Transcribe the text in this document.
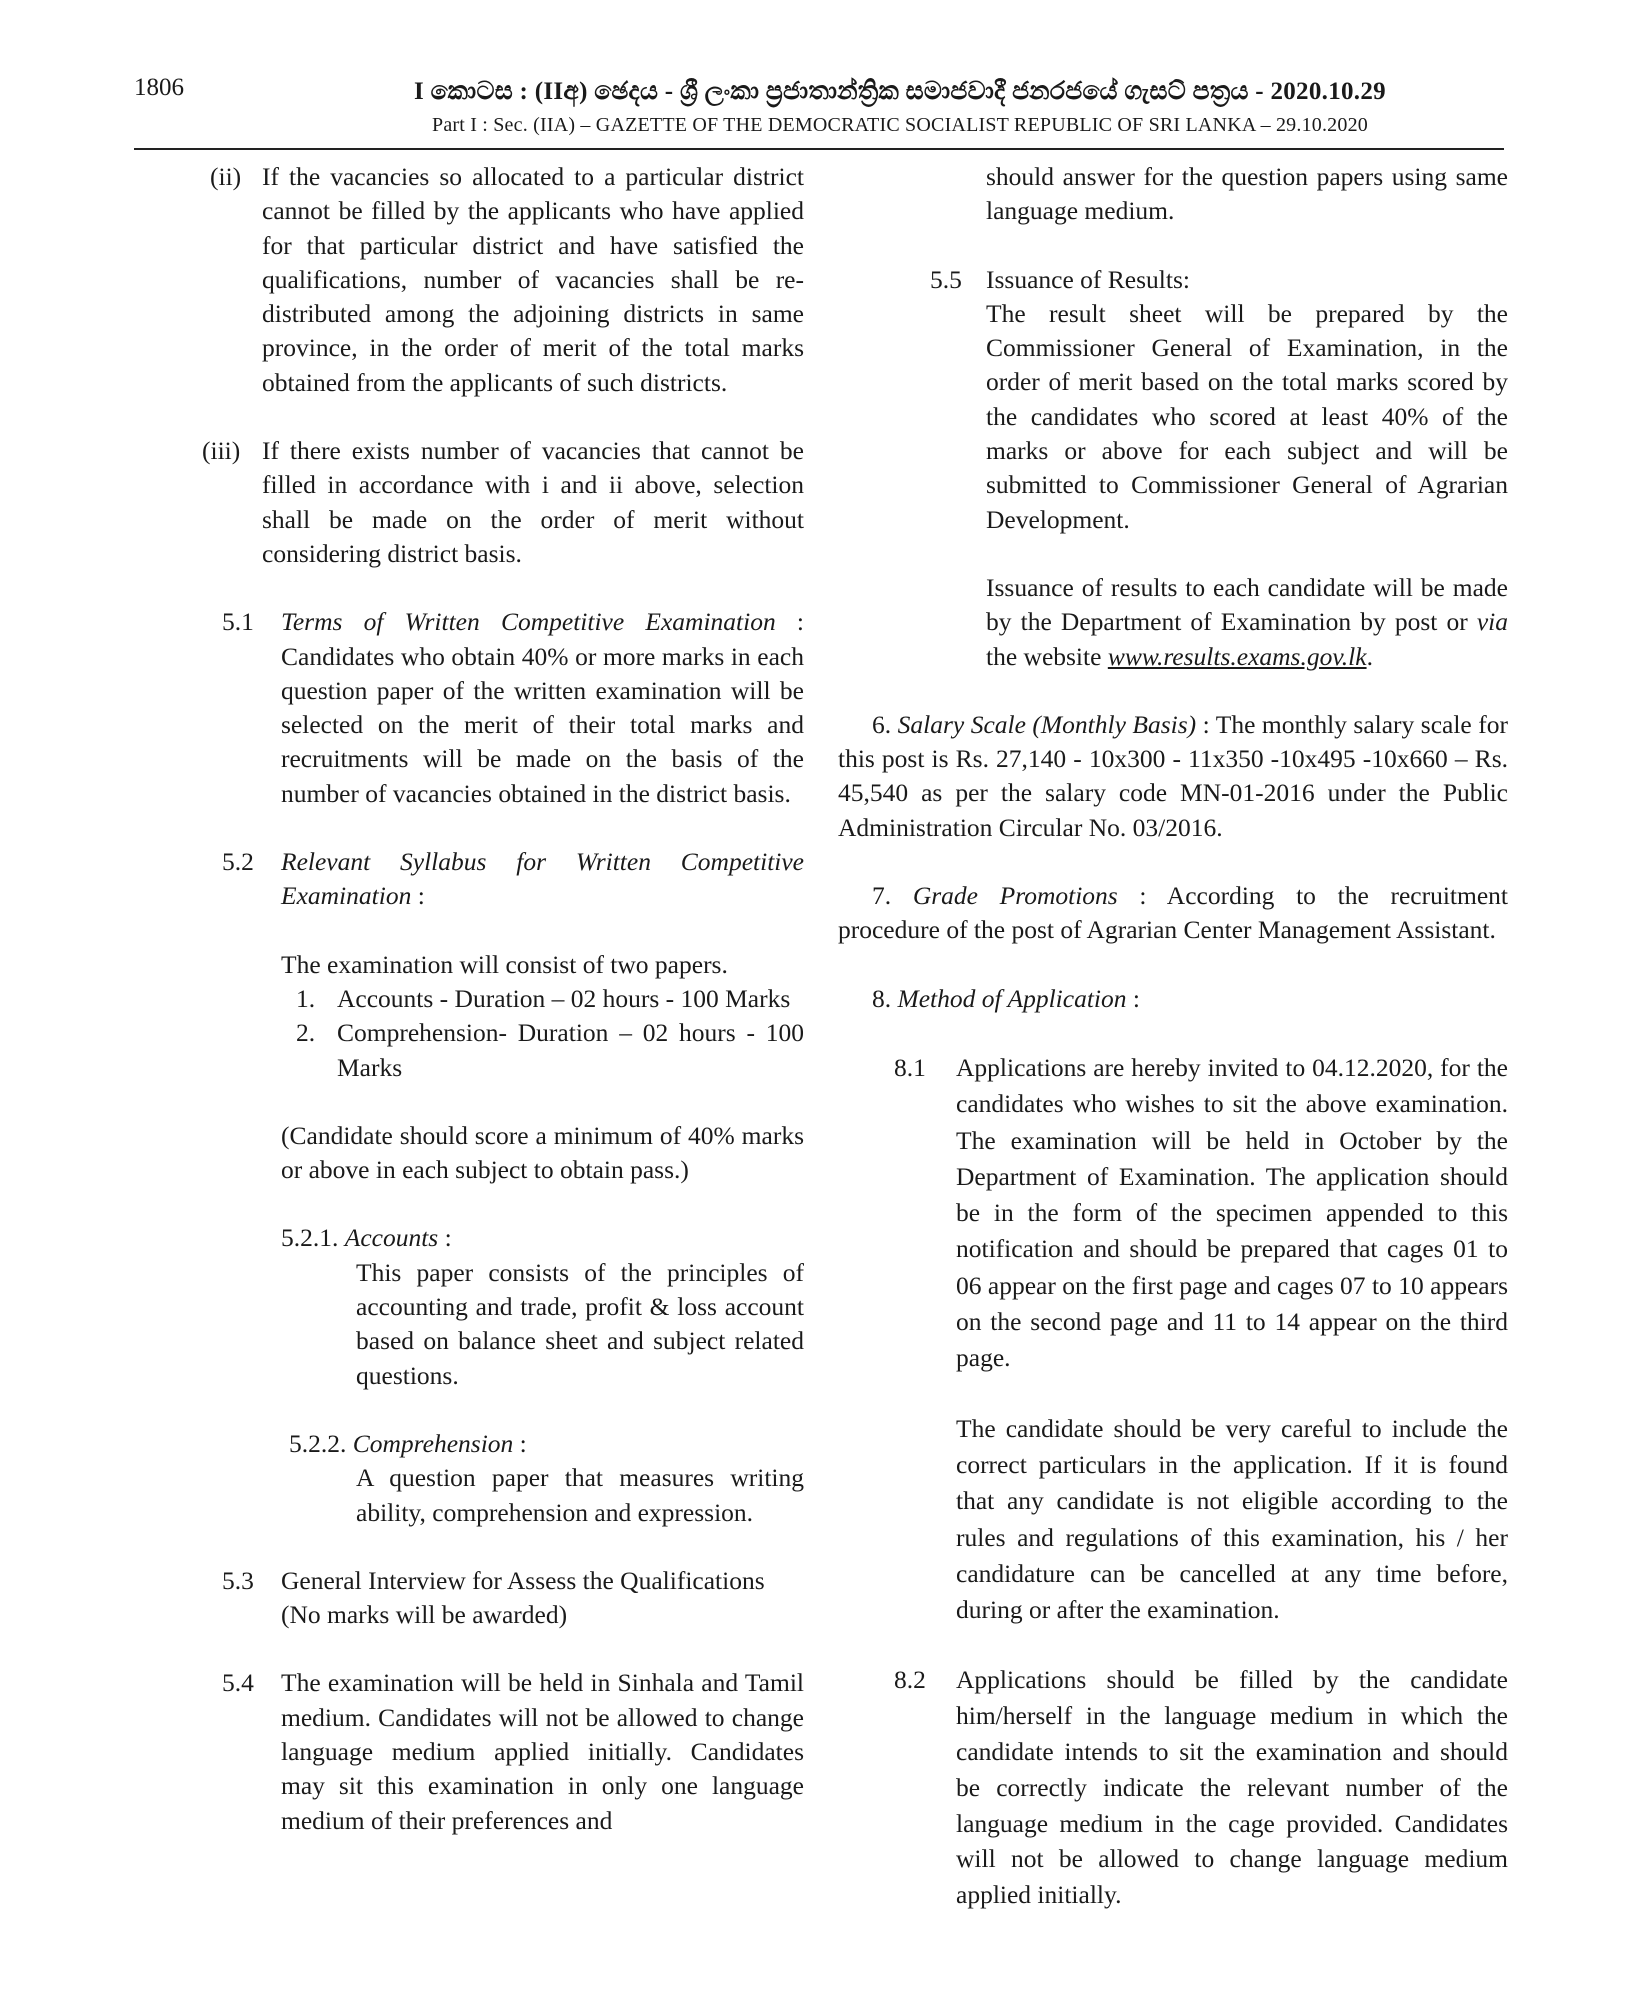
1806	I කොටස : (IIඅ) ඡෙදය - ශ්‍රී ලංකා ප්‍රජාතාන්ත්‍රික සමාජවාදී ජනරජයේ ගැසට් පත්‍රය - 2020.10.29
Part I : Sec. (IIA) – GAZETTE OF THE DEMOCRATIC SOCIALIST REPUBLIC OF SRI LANKA – 29.10.2020
(ii) If the vacancies so allocated to a particular district cannot be filled by the applicants who have applied for that particular district and have satisfied the qualifications, number of vacancies shall be re- distributed among the adjoining districts in same province, in the order of merit of the total marks obtained from the applicants of such districts.
(iii) If there exists number of vacancies that cannot be filled in accordance with i and ii above, selection shall be made on the order of merit without considering district basis.
5.1 Terms of Written Competitive Examination : Candidates who obtain 40% or more marks in each question paper of the written examination will be selected on the merit of their total marks and recruitments will be made on the basis of the number of vacancies obtained in the district basis.
5.2 Relevant Syllabus for Written Competitive Examination :
The examination will consist of two papers.
1. Accounts - Duration – 02 hours - 100 Marks
2. Comprehension- Duration – 02 hours - 100 Marks
(Candidate should score a minimum of 40% marks or above in each subject to obtain pass.)
5.2.1. Accounts :
This paper consists of the principles of accounting and trade, profit & loss account based on balance sheet and subject related questions.
5.2.2. Comprehension :
A question paper that measures writing ability, comprehension and expression.
5.3 General Interview for Assess the Qualifications (No marks will be awarded)
5.4 The examination will be held in Sinhala and Tamil medium. Candidates will not be allowed to change language medium applied initially. Candidates may sit this examination in only one language medium of their preferences and
should answer for the question papers using same language medium.
5.5 Issuance of Results:
The result sheet will be prepared by the Commissioner General of Examination, in the order of merit based on the total marks scored by the candidates who scored at least 40% of the marks or above for each subject and will be submitted to Commissioner General of Agrarian Development.
Issuance of results to each candidate will be made by the Department of Examination by post or via the website www.results.exams.gov.lk.
6. Salary Scale (Monthly Basis) : The monthly salary scale for this post is Rs. 27,140 - 10x300 - 11x350 -10x495 -10x660 – Rs. 45,540 as per the salary code MN-01-2016 under the Public Administration Circular No. 03/2016.
7. Grade Promotions : According to the recruitment procedure of the post of Agrarian Center Management Assistant.
8. Method of Application :
8.1 Applications are hereby invited to 04.12.2020, for the candidates who wishes to sit the above examination. The examination will be held in October by the Department of Examination. The application should be in the form of the specimen appended to this notification and should be prepared that cages 01 to 06 appear on the first page and cages 07 to 10 appears on the second page and 11 to 14 appear on the third page.
The candidate should be very careful to include the correct particulars in the application. If it is found that any candidate is not eligible according to the rules and regulations of this examination, his / her candidature can be cancelled at any time before, during or after the examination.
8.2 Applications should be filled by the candidate him/herself in the language medium in which the candidate intends to sit the examination and should be correctly indicate the relevant number of the language medium in the cage provided. Candidates will not be allowed to change language medium applied initially.
